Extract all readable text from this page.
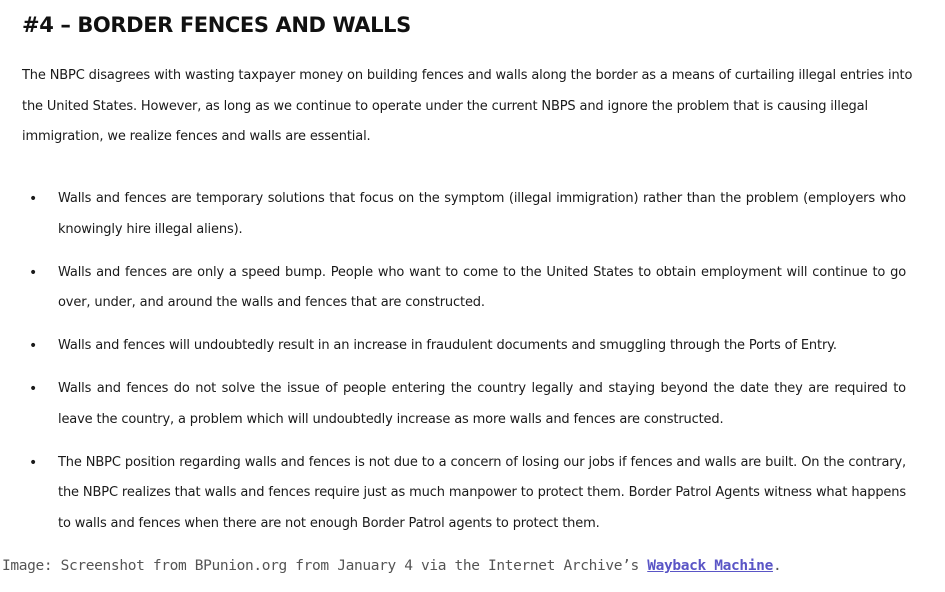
#4 – BORDER FENCES AND WALLS

The NBPC disagrees with wasting taxpayer money on building fences and walls along the border as a means of curtailing illegal entries into the United States. However, as long as we continue to operate under the current NBPS and ignore the problem that is causing illegal immigration, we realize fences and walls are essential.

• Walls and fences are temporary solutions that focus on the symptom (illegal immigration) rather than the problem (employers who knowingly hire illegal aliens).
• Walls and fences are only a speed bump. People who want to come to the United States to obtain employment will continue to go over, under, and around the walls and fences that are constructed.
• Walls and fences will undoubtedly result in an increase in fraudulent documents and smuggling through the Ports of Entry.
• Walls and fences do not solve the issue of people entering the country legally and staying beyond the date they are required to leave the country, a problem which will undoubtedly increase as more walls and fences are constructed.
• The NBPC position regarding walls and fences is not due to a concern of losing our jobs if fences and walls are built. On the contrary, the NBPC realizes that walls and fences require just as much manpower to protect them. Border Patrol Agents witness what happens to walls and fences when there are not enough Border Patrol agents to protect them.

Image: Screenshot from BPunion.org from January 4 via the Internet Archive’s Wayback Machine.
